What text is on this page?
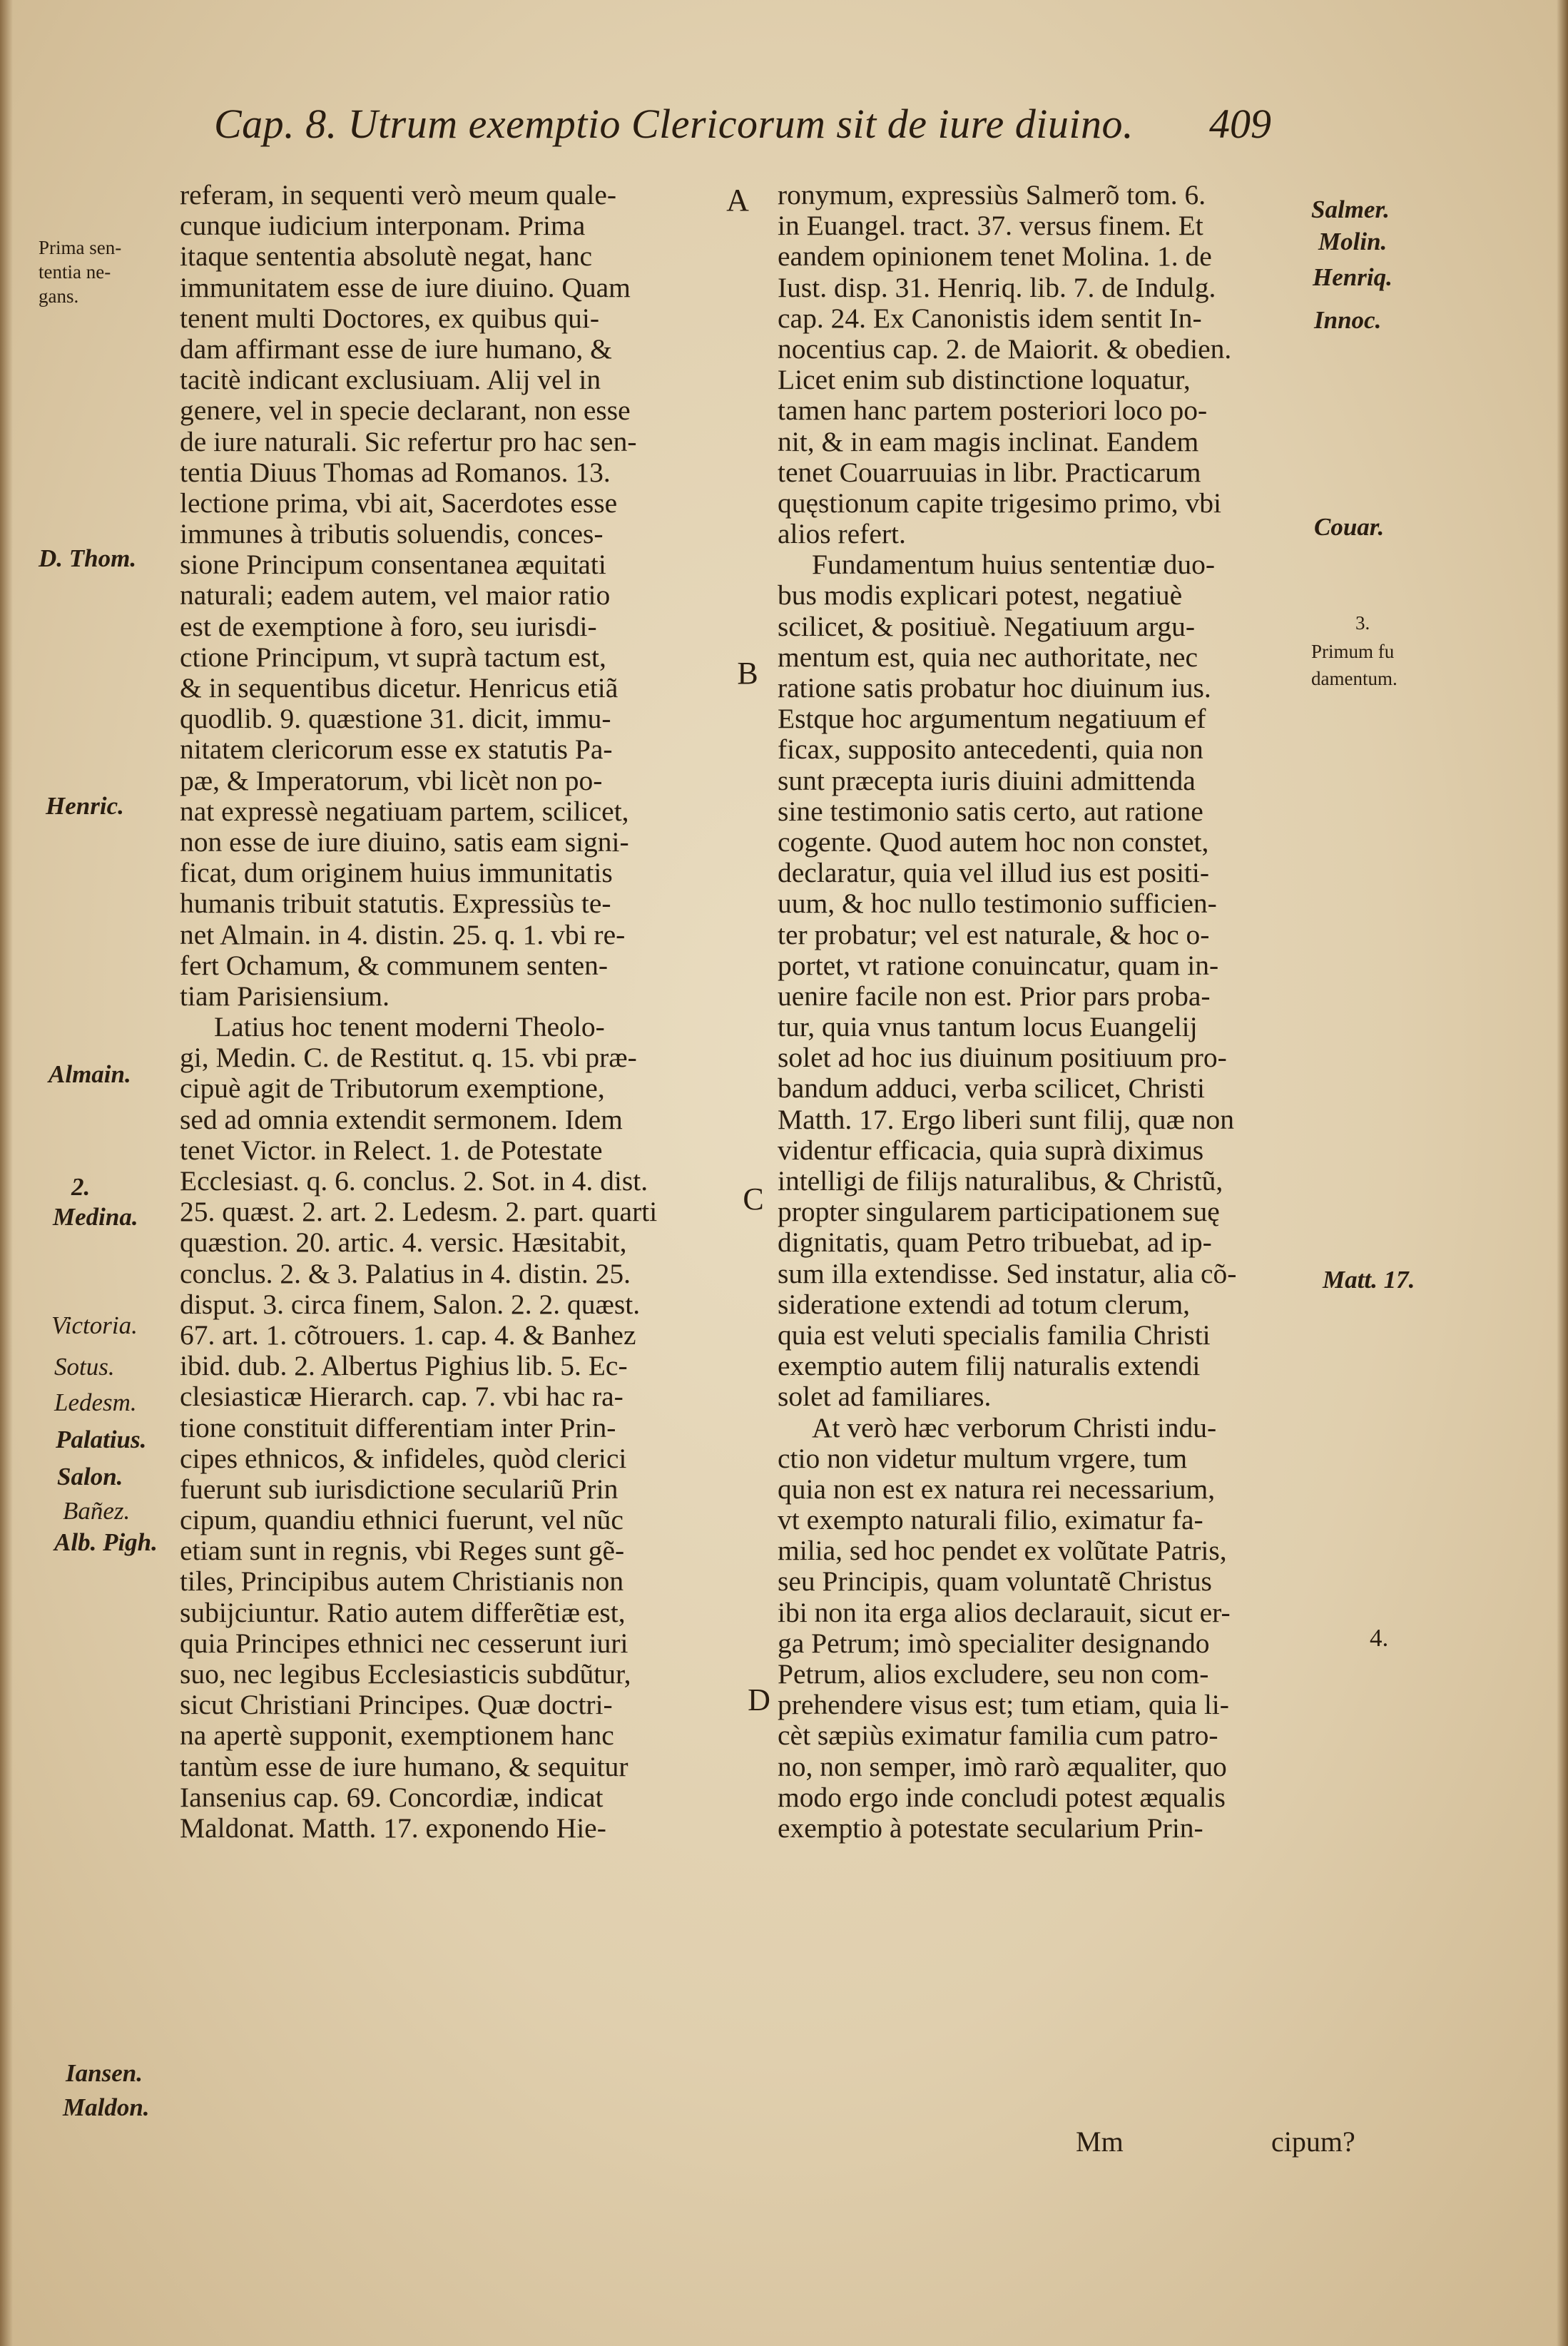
Cap. 8. Utrum exemptio Clericorum sit de iure diuino.	409
Prima sen-
tentia ne-
gans.
D. Thom.
Henric.
Almain.
2.
Medina.
Victoria.
Sotus.
Ledesm.
Palatius.
Salon.
Bañez.
Alb. Pigh.
Iansen.
Maldon.
Salmer.
Molin.
Henriq.
Innoc.
Couar.
3.
Primum fu
damentum.
Matt. 17.
4.
A
B
C
D
referam, in sequenti verò meum quale-
cunque iudicium interponam. Prima
itaque sententia absolutè negat, hanc
immunitatem esse de iure diuino. Quam
tenent multi Doctores, ex quibus qui-
dam affirmant esse de iure humano, &
tacitè indicant exclusiuam. Alij vel in
genere, vel in specie declarant, non esse
de iure naturali. Sic refertur pro hac sen-
tentia Diuus Thomas ad Romanos. 13.
lectione prima, vbi ait, Sacerdotes esse
immunes à tributis soluendis, conces-
sione Principum consentanea æquitati
naturali; eadem autem, vel maior ratio
est de exemptione à foro, seu iurisdi-
ctione Principum, vt suprà tactum est,
& in sequentibus dicetur. Henricus etiã
quodlib. 9. quæstione 31. dicit, immu-
nitatem clericorum esse ex statutis Pa-
pæ, & Imperatorum, vbi licèt non po-
nat expressè negatiuam partem, scilicet,
non esse de iure diuino, satis eam signi-
ficat, dum originem huius immunitatis
humanis tribuit statutis. Expressiùs te-
net Almain. in 4. distin. 25. q. 1. vbi re-
fert Ochamum, & communem senten-
tiam Parisiensium.
Latius hoc tenent moderni Theolo-
gi, Medin. C. de Restitut. q. 15. vbi præ-
cipuè agit de Tributorum exemptione,
sed ad omnia extendit sermonem. Idem
tenet Victor. in Relect. 1. de Potestate
Ecclesiast. q. 6. conclus. 2. Sot. in 4. dist.
25. quæst. 2. art. 2. Ledesm. 2. part. quarti
quæstion. 20. artic. 4. versic. Hæsitabit,
conclus. 2. & 3. Palatius in 4. distin. 25.
disput. 3. circa finem, Salon. 2. 2. quæst.
67. art. 1. cõtrouers. 1. cap. 4. & Banhez
ibid. dub. 2. Albertus Pighius lib. 5. Ec-
clesiasticæ Hierarch. cap. 7. vbi hac ra-
tione constituit differentiam inter Prin-
cipes ethnicos, & infideles, quòd clerici
fuerunt sub iurisdictione seculariũ Prin
cipum, quandiu ethnici fuerunt, vel nũc
etiam sunt in regnis, vbi Reges sunt gẽ-
tiles, Principibus autem Christianis non
subijciuntur. Ratio autem differẽtiæ est,
quia Principes ethnici nec cesserunt iuri
suo, nec legibus Ecclesiasticis subdũtur,
sicut Christiani Principes. Quæ doctri-
na apertè supponit, exemptionem hanc
tantùm esse de iure humano, & sequitur
Iansenius cap. 69. Concordiæ, indicat
Maldonat. Matth. 17. exponendo Hie-
ronymum, expressiùs Salmerõ tom. 6.
in Euangel. tract. 37. versus finem. Et
eandem opinionem tenet Molina. 1. de
Iust. disp. 31. Henriq. lib. 7. de Indulg.
cap. 24. Ex Canonistis idem sentit In-
nocentius cap. 2. de Maiorit. & obedien.
Licet enim sub distinctione loquatur,
tamen hanc partem posteriori loco po-
nit, & in eam magis inclinat. Eandem
tenet Couarruuias in libr. Practicarum
quęstionum capite trigesimo primo, vbi
alios refert.
Fundamentum huius sententiæ duo-
bus modis explicari potest, negatiuè
scilicet, & positiuè. Negatiuum argu-
mentum est, quia nec authoritate, nec
ratione satis probatur hoc diuinum ius.
Estque hoc argumentum negatiuum ef
ficax, supposito antecedenti, quia non
sunt præcepta iuris diuini admittenda
sine testimonio satis certo, aut ratione
cogente. Quod autem hoc non constet,
declaratur, quia vel illud ius est positi-
uum, & hoc nullo testimonio sufficien-
ter probatur; vel est naturale, & hoc o-
portet, vt ratione conuincatur, quam in-
uenire facile non est. Prior pars proba-
tur, quia vnus tantum locus Euangelij
solet ad hoc ius diuinum positiuum pro-
bandum adduci, verba scilicet, Christi
Matth. 17. Ergo liberi sunt filij, quæ non
videntur efficacia, quia suprà diximus
intelligi de filijs naturalibus, & Christũ,
propter singularem participationem suę
dignitatis, quam Petro tribuebat, ad ip-
sum illa extendisse. Sed instatur, alia cõ-
sideratione extendi ad totum clerum,
quia est veluti specialis familia Christi
exemptio autem filij naturalis extendi
solet ad familiares.
At verò hæc verborum Christi indu-
ctio non videtur multum vrgere, tum
quia non est ex natura rei necessarium,
vt exempto naturali filio, eximatur fa-
milia, sed hoc pendet ex volũtate Patris,
seu Principis, quam voluntatẽ Christus
ibi non ita erga alios declarauit, sicut er-
ga Petrum; imò specialiter designando
Petrum, alios excludere, seu non com-
prehendere visus est; tum etiam, quia li-
cèt sæpiùs eximatur familia cum patro-
no, non semper, imò rarò æqualiter, quo
modo ergo inde concludi potest æqualis
exemptio à potestate secularium Prin-
Mm	cipum?
